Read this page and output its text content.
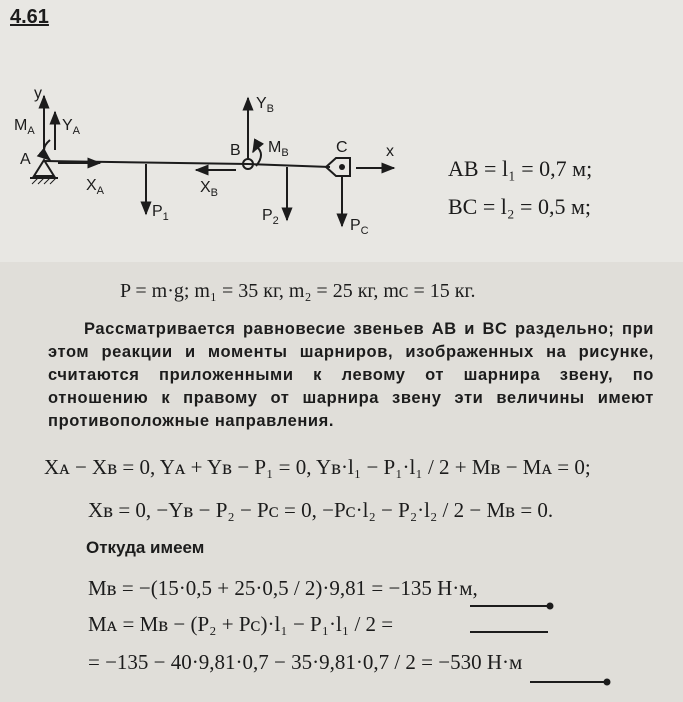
4.61
y
$M_A$ $Y_A$
A
$X_A$
$P_1$
$X_B$
$Y_B$
B $M_B$
$P_2$
C x
$P_C$
AB = l₁ = 0,7 м;
BC = l₂ = 0,5 м;
P = m·g; m₁ = 35 кг, m₂ = 25 кг, mᴄ = 15 кг.
Рассматривается равновесие звеньев AB и BC раздельно; при этом реакции и моменты шарниров, изображенных на рисунке, считаются приложенными к левому от шарнира звену, по отношению к правому от шарнира звену эти величины имеют противоположные направления.
Xᴀ − Xʙ = 0, Yᴀ + Yʙ − P₁ = 0, Yʙ·l₁ − P₁·l₁ / 2 + Mʙ − Mᴀ = 0;
Xʙ = 0, −Yʙ − P₂ − Pᴄ = 0, −Pᴄ·l₂ − P₂·l₂ / 2 − Mʙ = 0.
Откуда имеем
Mʙ = −(15·0,5 + 25·0,5 / 2)·9,81 = −135 Н·м,
Mᴀ = Mʙ − (P₂ + Pᴄ)·l₁ − P₁·l₁ / 2 =
= −135 − 40·9,81·0,7 − 35·9,81·0,7 / 2 = −530 Н·м
